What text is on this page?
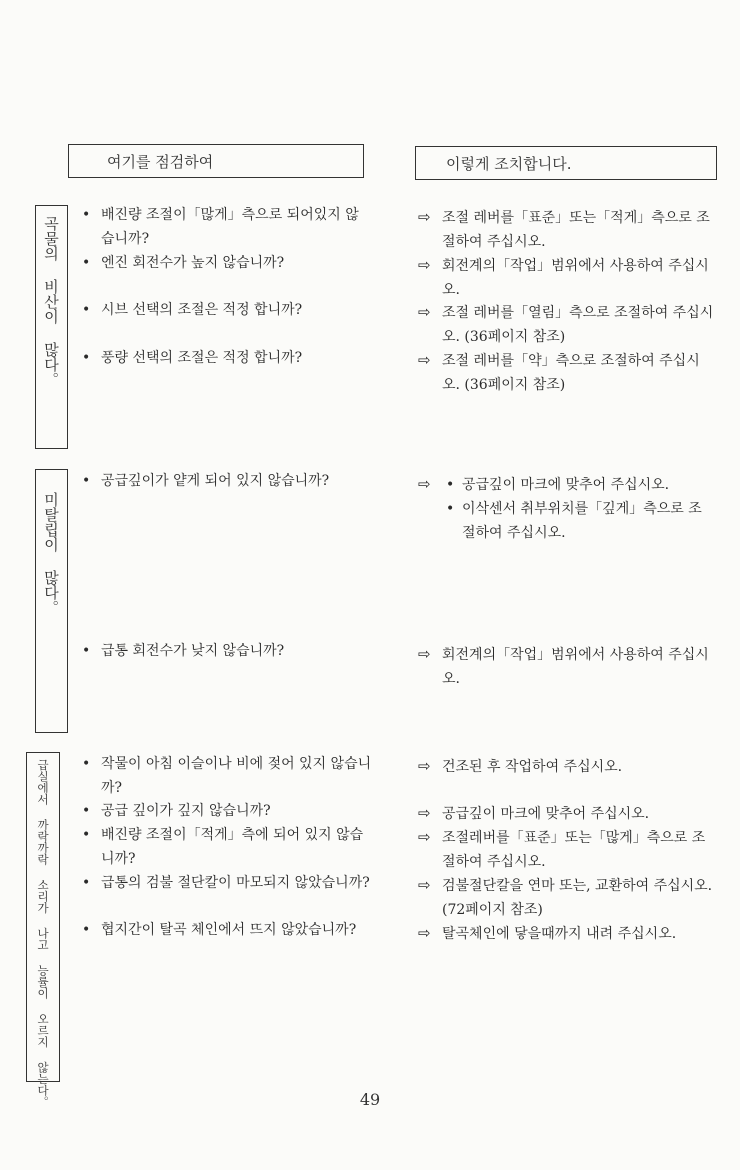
여기를 점검하여	이렇게 조치합니다.
곡물의 비산이 많다。
미탈립이 많다。
급실에서 까락까락 소리가 나고 능률이 오르지 않는다。
• 배진량 조절이「많게」측으로 되어있지 않습니까?
• 엔진 회전수가 높지 않습니까?
• 시브 선택의 조절은 적정 합니까?
• 풍량 선택의 조절은 적정 합니까?
• 공급깊이가 얕게 되어 있지 않습니까?
• 급통 회전수가 낮지 않습니까?
• 작물이 아침 이슬이나 비에 젖어 있지 않습니까?
• 공급 깊이가 깊지 않습니까?
• 배진량 조절이「적게」측에 되어 있지 않습니까?
• 급통의 검불 절단칼이 마모되지 않았습니까?
• 협지간이 탈곡 체인에서 뜨지 않았습니까?
⇨ 조절 레버를「표준」또는「적게」측으로 조절하여 주십시오.
⇨ 회전계의「작업」범위에서 사용하여 주십시오.
⇨ 조절 레버를「열림」측으로 조절하여 주십시오. (36페이지 참조)
⇨ 조절 레버를「약」측으로 조절하여 주십시오. (36페이지 참조)
⇨ • 공급깊이 마크에 맞추어 주십시오.
• 이삭센서 취부위치를「깊게」측으로 조절하여 주십시오.
⇨ 회전계의「작업」범위에서 사용하여 주십시오.
⇨ 건조된 후 작업하여 주십시오.
⇨ 공급깊이 마크에 맞추어 주십시오.
⇨ 조절레버를「표준」또는「많게」측으로 조절하여 주십시오.
⇨ 검불절단칼을 연마 또는, 교환하여 주십시오. (72페이지 참조)
⇨ 탈곡체인에 닿을때까지 내려 주십시오.
49
